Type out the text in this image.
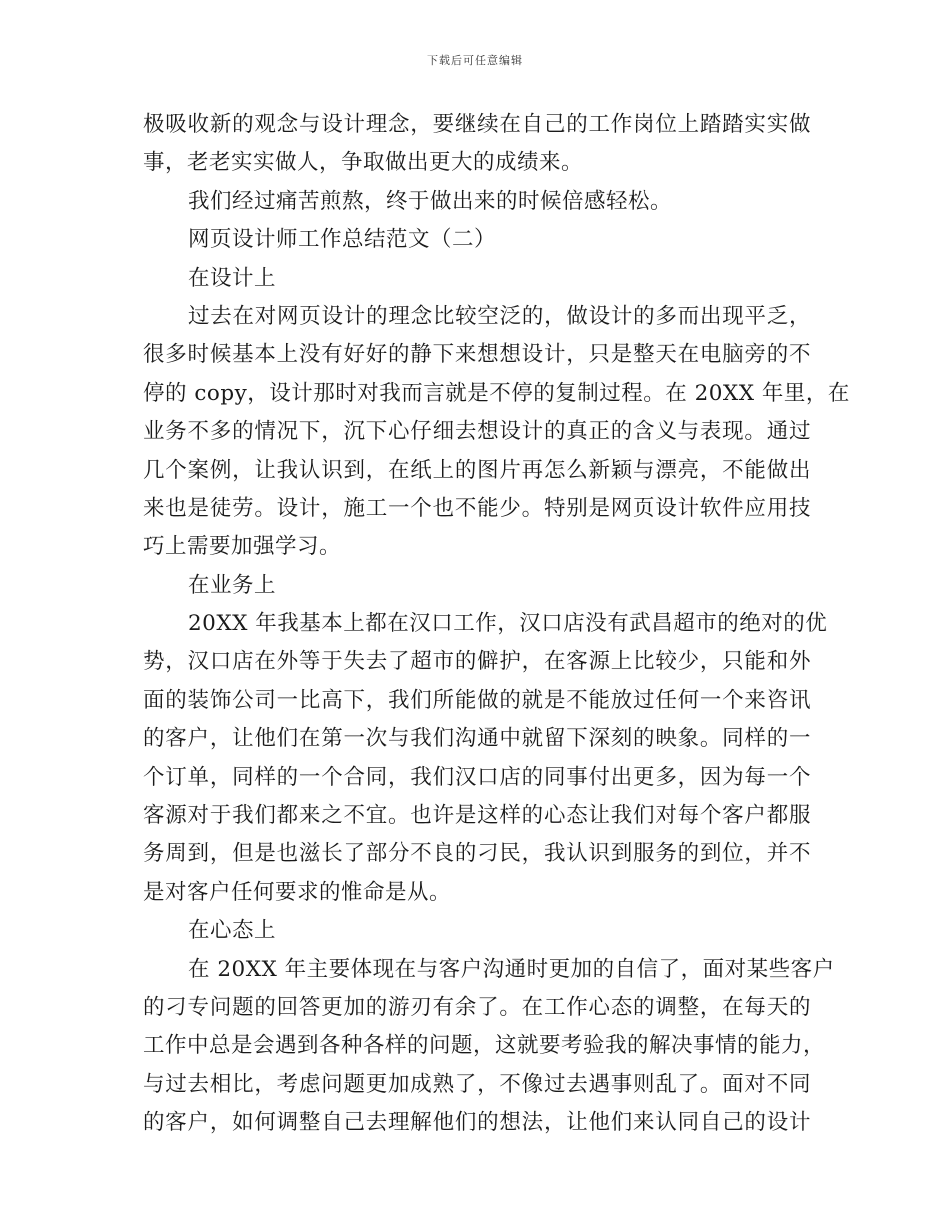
下载后可任意编辑
极吸收新的观念与设计理念，要继续在自己的工作岗位上踏踏实实做
事，老老实实做人，争取做出更大的成绩来。
我们经过痛苦煎熬，终于做出来的时候倍感轻松。
网页设计师工作总结范文（二）
在设计上
过去在对网页设计的理念比较空泛的，做设计的多而出现平乏，
很多时候基本上没有好好的静下来想想设计，只是整天在电脑旁的不
停的 copy，设计那时对我而言就是不停的复制过程。在 20XX 年里，在
业务不多的情况下，沉下心仔细去想设计的真正的含义与表现。通过
几个案例，让我认识到，在纸上的图片再怎么新颖与漂亮，不能做出
来也是徒劳。设计，施工一个也不能少。特别是网页设计软件应用技
巧上需要加强学习。
在业务上
20XX 年我基本上都在汉口工作，汉口店没有武昌超市的绝对的优
势，汉口店在外等于失去了超市的僻护，在客源上比较少，只能和外
面的装饰公司一比高下，我们所能做的就是不能放过任何一个来咨讯
的客户，让他们在第一次与我们沟通中就留下深刻的映象。同样的一
个订单，同样的一个合同，我们汉口店的同事付出更多，因为每一个
客源对于我们都来之不宜。也许是这样的心态让我们对每个客户都服
务周到，但是也滋长了部分不良的刁民，我认识到服务的到位，并不
是对客户任何要求的惟命是从。
在心态上
在 20XX 年主要体现在与客户沟通时更加的自信了，面对某些客户
的刁专问题的回答更加的游刃有余了。在工作心态的调整，在每天的
工作中总是会遇到各种各样的问题，这就要考验我的解决事情的能力，
与过去相比，考虑问题更加成熟了，不像过去遇事则乱了。面对不同
的客户，如何调整自己去理解他们的想法，让他们来认同自己的设计
